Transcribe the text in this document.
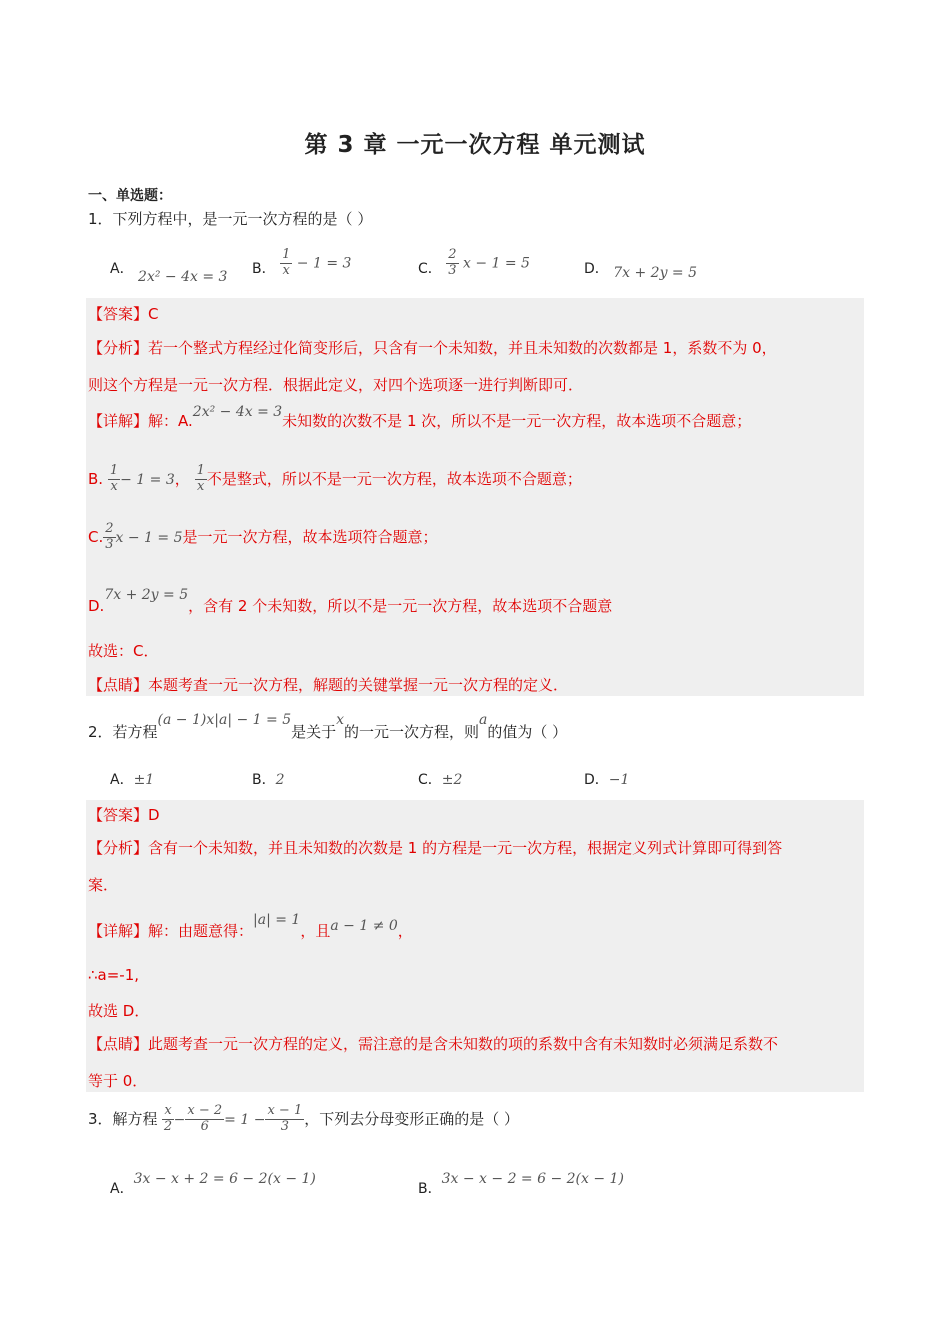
第 3 章 一元一次方程 单元测试
一、单选题：
1．下列方程中，是一元一次方程的是（ ）
A． 2x² − 4x = 3 B． $\frac{1}{x} - 1 = 3$	C． $\frac{2}{3}$ x − 1 = 5	D． 7x + 2y = 5
【答案】C
【分析】若一个整式方程经过化简变形后，只含有一个未知数，并且未知数的次数都是 1，系数不为 0，
则这个方程是一元一次方程．根据此定义，对四个选项逐一进行判断即可．
【详解】解：A.2x² − 4x = 3未知数的次数不是 1 次，所以不是一元一次方程，故本选项不合题意；
B. $\frac{1}{x} - 1 = 3$， $\frac{1}{x}$ 不是整式，所以不是一元一次方程，故本选项不合题意；
C. $\frac{2}{3}$ x − 1 = 5是一元一次方程，故本选项符合题意；
D.7x + 2y = 5，含有 2 个未知数，所以不是一元一次方程，故本选项不合题意
故选：C．
【点睛】本题考查一元一次方程，解题的关键掌握一元一次方程的定义．
2．若方程(a − 1)x|a| − 1 = 5是关于x的一元一次方程，则a的值为（ ）
A．±1	B．2	C．±2	D．−1
【答案】D
【分析】含有一个未知数，并且未知数的次数是 1 的方程是一元一次方程，根据定义列式计算即可得到答
案．
【详解】解：由题意得：|a| = 1，且a − 1 ≠ 0，
∴a=-1,
故选 D．
【点睛】此题考查一元一次方程的定义，需注意的是含未知数的项的系数中含有未知数时必须满足系数不
等于 0．
3．解方程 $\frac{x}{2} - \frac{x - 2}{6} = 1 - \frac{x - 1}{3}$ ，下列去分母变形正确的是（ ）
A．3x − x + 2 = 6 − 2(x − 1)
B．3x − x − 2 = 6 − 2(x − 1)
